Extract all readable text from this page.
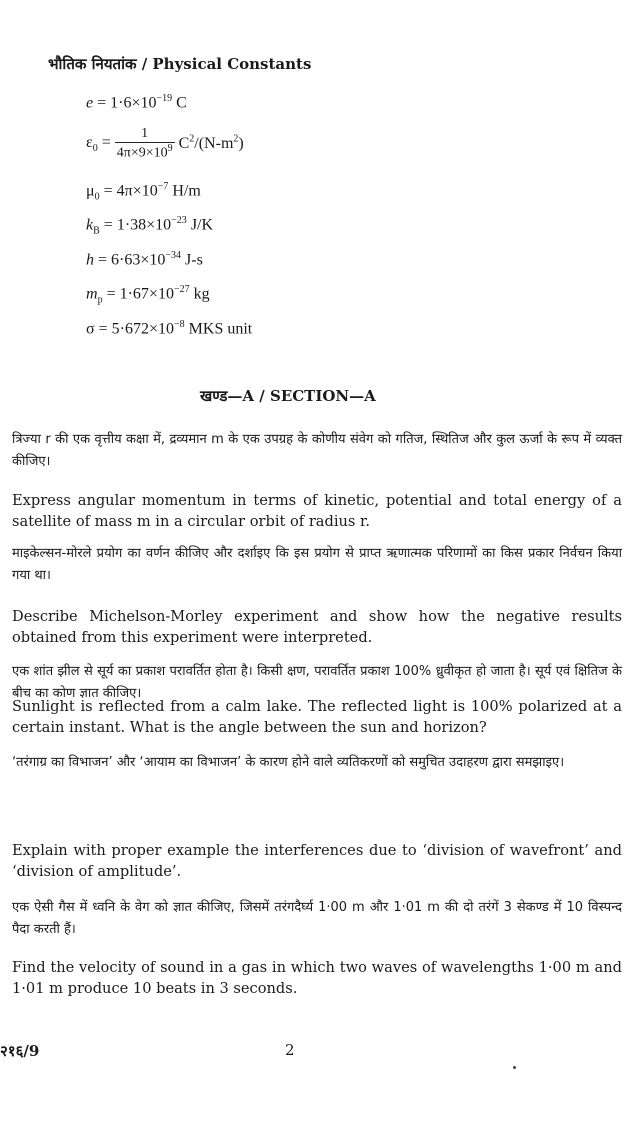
भौतिक नियतांक / Physical Constants
$e = 1\cdot 6\times 10^{-19}$ C
$\varepsilon_0 = \frac{1}{4\pi\times 9\times 10^9} C^2/(N-m^2)$
$\mu_0 = 4\pi\times 10^{-7}$ H/m
$k_B = 1\cdot 38\times 10^{-23}$ J/K
$h = 6\cdot 63\times 10^{-34}$ J-s
$m_p = 1\cdot 67\times 10^{-27}$ kg
$\sigma = 5\cdot 672\times 10^{-8}$ MKS unit
खण्ड—A / SECTION—A
त्रिज्या r की एक वृत्तीय कक्षा में, द्रव्यमान m के एक उपग्रह के कोणीय संवेग को गतिज, स्थितिज और कुल ऊर्जा के रूप में व्यक्त कीजिए।
Express angular momentum in terms of kinetic, potential and total energy of a satellite of mass m in a circular orbit of radius r.
माइकेल्सन-मोरले प्रयोग का वर्णन कीजिए और दर्शाइए कि इस प्रयोग से प्राप्त ऋणात्मक परिणामों का किस प्रकार निर्वचन किया गया था।
Describe Michelson-Morley experiment and show how the negative results obtained from this experiment were interpreted.
एक शांत झील से सूर्य का प्रकाश परावर्तित होता है। किसी क्षण, परावर्तित प्रकाश 100% ध्रुवीकृत हो जाता है। सूर्य एवं क्षितिज के बीच का कोण ज्ञात कीजिए।
Sunlight is reflected from a calm lake. The reflected light is 100% polarized at a certain instant. What is the angle between the sun and horizon?
‘तरंगाग्र का विभाजन’ और ‘आयाम का विभाजन’ के कारण होने वाले व्यतिकरणों को समुचित उदाहरण द्वारा समझाइए।
Explain with proper example the interferences due to ‘division of wavefront’ and ‘division of amplitude’.
एक ऐसी गैस में ध्वनि के वेग को ज्ञात कीजिए, जिसमें तरंगदैर्घ्य 1·00 m और 1·01 m की दो तरंगें 3 सेकण्ड में 10 विस्पन्द पैदा करती हैं।
Find the velocity of sound in a gas in which two waves of wavelengths 1·00 m and 1·01 m produce 10 beats in 3 seconds.
२१६/9	2
